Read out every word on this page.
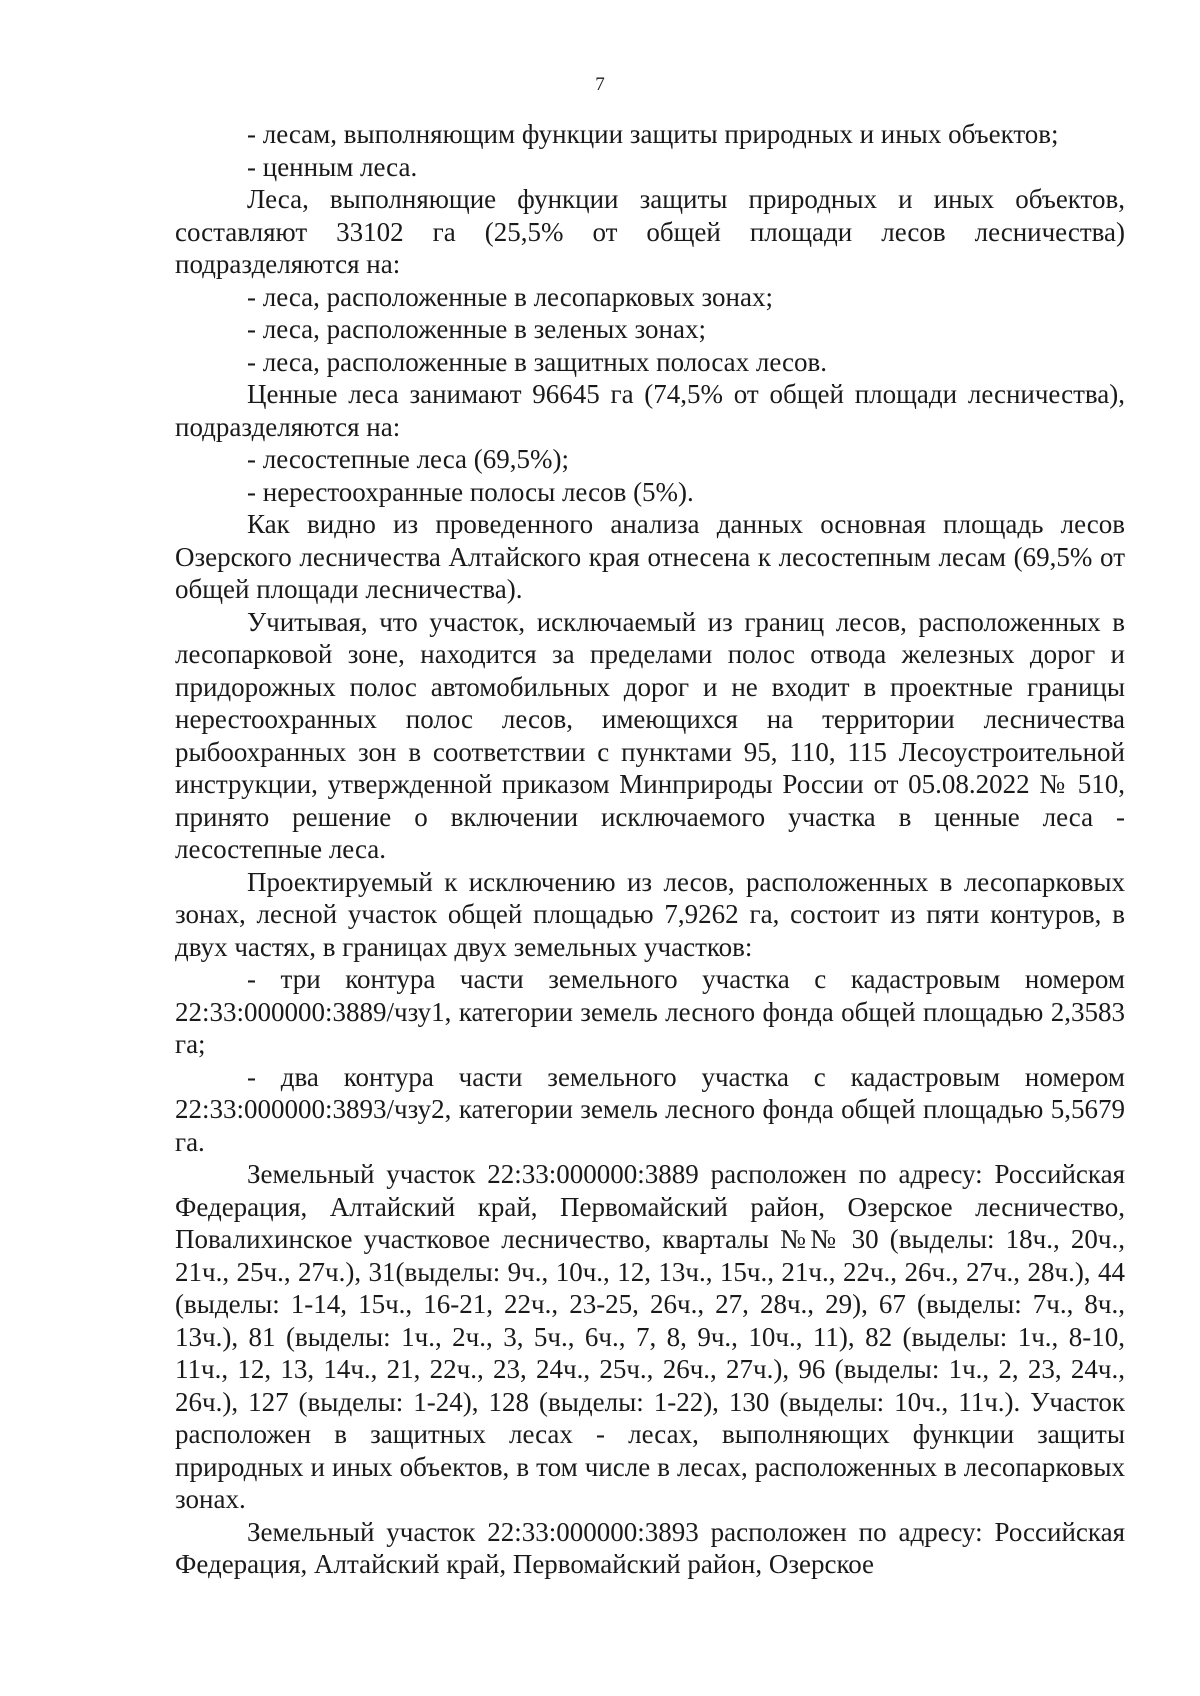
7

- лесам, выполняющим функции защиты природных и иных объектов;

- ценным леса.

Леса, выполняющие функции защиты природных и иных объектов, составляют 33102 га (25,5% от общей площади лесов лесничества) подразделяются на:

- леса, расположенные в лесопарковых зонах;

- леса, расположенные в зеленых зонах;

- леса, расположенные в защитных полосах лесов.

Ценные леса занимают 96645 га (74,5% от общей площади лесничества), подразделяются на:

- лесостепные леса (69,5%);

- нерестоохранные полосы лесов (5%).

Как видно из проведенного анализа данных основная площадь лесов Озерского лесничества Алтайского края отнесена к лесостепным лесам (69,5% от общей площади лесничества).

Учитывая, что участок, исключаемый из границ лесов, расположенных в лесопарковой зоне, находится за пределами полос отвода железных дорог и придорожных полос автомобильных дорог и не входит в проектные границы нерестоохранных полос лесов, имеющихся на территории лесничества рыбоохранных зон в соответствии с пунктами 95, 110, 115 Лесоустроительной инструкции, утвержденной приказом Минприроды России от 05.08.2022 № 510, принято решение о включении исключаемого участка в ценные леса - лесостепные леса.

Проектируемый к исключению из лесов, расположенных в лесопарковых зонах, лесной участок общей площадью 7,9262 га, состоит из пяти контуров, в двух частях, в границах двух земельных участков:

- три контура части земельного участка с кадастровым номером 22:33:000000:3889/чзу1, категории земель лесного фонда общей площадью 2,3583 га;

- два контура части земельного участка с кадастровым номером 22:33:000000:3893/чзу2, категории земель лесного фонда общей площадью 5,5679 га.

Земельный участок 22:33:000000:3889 расположен по адресу: Российская Федерация, Алтайский край, Первомайский район, Озерское лесничество, Повалихинское участковое лесничество, кварталы №№ 30 (выделы: 18ч., 20ч., 21ч., 25ч., 27ч.), 31(выделы: 9ч., 10ч., 12, 13ч., 15ч., 21ч., 22ч., 26ч., 27ч., 28ч.), 44 (выделы: 1-14, 15ч., 16-21, 22ч., 23-25, 26ч., 27, 28ч., 29), 67 (выделы: 7ч., 8ч., 13ч.), 81 (выделы: 1ч., 2ч., 3, 5ч., 6ч., 7, 8, 9ч., 10ч., 11), 82 (выделы: 1ч., 8-10, 11ч., 12, 13, 14ч., 21, 22ч., 23, 24ч., 25ч., 26ч., 27ч.), 96 (выделы: 1ч., 2, 23, 24ч., 26ч.), 127 (выделы: 1-24), 128 (выделы: 1-22), 130 (выделы: 10ч., 11ч.). Участок расположен в защитных лесах - лесах, выполняющих функции защиты природных и иных объектов, в том числе в лесах, расположенных в лесопарковых зонах.

Земельный участок 22:33:000000:3893 расположен по адресу: Российская Федерация, Алтайский край, Первомайский район, Озерское
